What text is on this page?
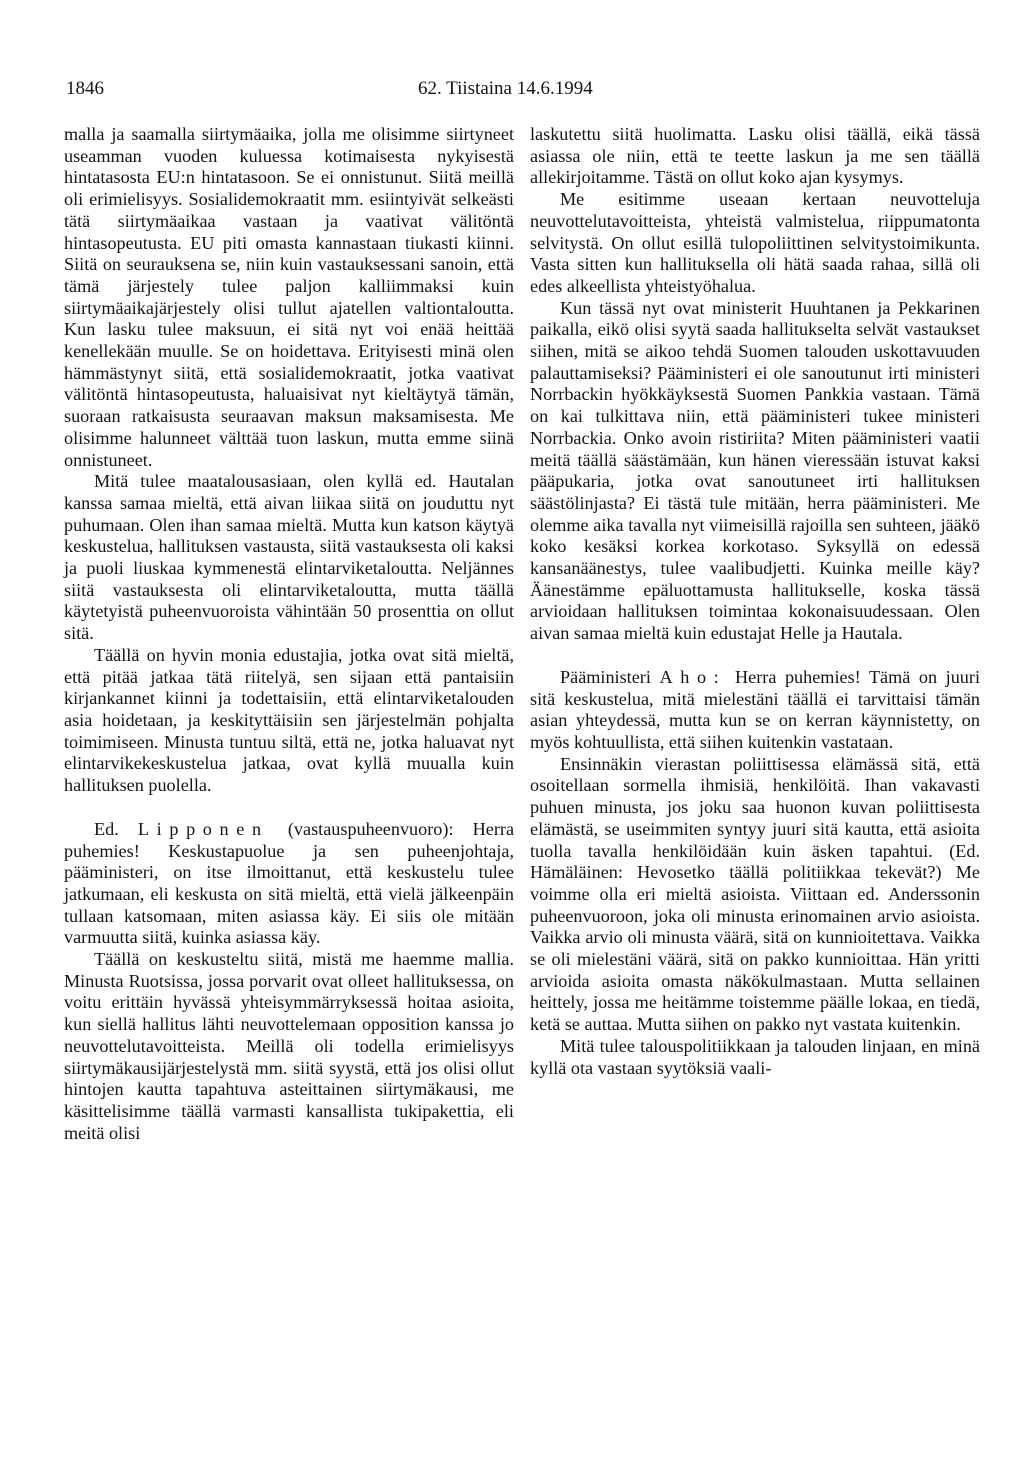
1846	62. Tiistaina 14.6.1994

malla ja saamalla siirtymäaika, jolla me olisimme siirtyneet useamman vuoden kuluessa kotimaisesta nykyisestä hintatasosta EU:n hintatasoon. Se ei onnistunut. Siitä meillä oli erimielisyys. Sosialidemokraatit mm. esiintyivät selkeästi tätä siirtymäaikaa vastaan ja vaativat välitöntä hintasopeutusta. EU piti omasta kannastaan tiukasti kiinni. Siitä on seurauksena se, niin kuin vastauksessani sanoin, että tämä järjestely tulee paljon kalliimmaksi kuin siirtymäaikajärjestely olisi tullut ajatellen valtiontaloutta. Kun lasku tulee maksuun, ei sitä nyt voi enää heittää kenellekään muulle. Se on hoidettava. Erityisesti minä olen hämmästynyt siitä, että sosialidemokraatit, jotka vaativat välitöntä hintasopeutusta, haluaisivat nyt kieltäytyä tämän, suoraan ratkaisusta seuraavan maksun maksamisesta. Me olisimme halunneet välttää tuon laskun, mutta emme siinä onnistuneet.

Mitä tulee maatalousasiaan, olen kyllä ed. Hautalan kanssa samaa mieltä, että aivan liikaa siitä on jouduttu nyt puhumaan. Olen ihan samaa mieltä. Mutta kun katson käytyä keskustelua, hallituksen vastausta, siitä vastauksesta oli kaksi ja puoli liuskaa kymmenestä elintarviketaloutta. Neljännes siitä vastauksesta oli elintarviketaloutta, mutta täällä käytetyistä puheenvuoroista vähintään 50 prosenttia on ollut sitä.

Täällä on hyvin monia edustajia, jotka ovat sitä mieltä, että pitää jatkaa tätä riitelyä, sen sijaan että pantaisiin kirjankannet kiinni ja todettaisiin, että elintarviketalouden asia hoidetaan, ja keskityttäisiin sen järjestelmän pohjalta toimimiseen. Minusta tuntuu siltä, että ne, jotka haluavat nyt elintarvikekeskustelua jatkaa, ovat kyllä muualla kuin hallituksen puolella.

Ed. Lipponen (vastauspuheenvuoro): Herra puhemies! Keskustapuolue ja sen puheenjohtaja, pääministeri, on itse ilmoittanut, että keskustelu tulee jatkumaan, eli keskusta on sitä mieltä, että vielä jälkeenpäin tullaan katsomaan, miten asiassa käy. Ei siis ole mitään varmuutta siitä, kuinka asiassa käy.

Täällä on keskusteltu siitä, mistä me haemme mallia. Minusta Ruotsissa, jossa porvarit ovat olleet hallituksessa, on voitu erittäin hyvässä yhteisymmärryksessä hoitaa asioita, kun siellä hallitus lähti neuvottelemaan opposition kanssa jo neuvottelutavoitteista. Meillä oli todella erimielisyys siirtymäkausijärjestelystä mm. siitä syystä, että jos olisi ollut hintojen kautta tapahtuva asteittainen siirtymäkausi, me käsittelisimme täällä varmasti kansallista tukipakettia, eli meitä olisi

laskutettu siitä huolimatta. Lasku olisi täällä, eikä tässä asiassa ole niin, että te teette laskun ja me sen täällä allekirjoitamme. Tästä on ollut koko ajan kysymys.

Me esitimme useaan kertaan neuvotteluja neuvottelutavoitteista, yhteistä valmistelua, riippumatonta selvitystä. On ollut esillä tulopoliittinen selvitystoimikunta. Vasta sitten kun hallituksella oli hätä saada rahaa, sillä oli edes alkeellista yhteistyöhalua.

Kun tässä nyt ovat ministerit Huuhtanen ja Pekkarinen paikalla, eikö olisi syytä saada hallitukselta selvät vastaukset siihen, mitä se aikoo tehdä Suomen talouden uskottavuuden palauttamiseksi? Pääministeri ei ole sanoutunut irti ministeri Norrbackin hyökkäyksestä Suomen Pankkia vastaan. Tämä on kai tulkittava niin, että pääministeri tukee ministeri Norrbackia. Onko avoin ristiriita? Miten pääministeri vaatii meitä täällä säästämään, kun hänen vieressään istuvat kaksi pääpukaria, jotka ovat sanoutuneet irti hallituksen säästölinjasta? Ei tästä tule mitään, herra pääministeri. Me olemme aika tavalla nyt viimeisillä rajoilla sen suhteen, jääkö koko kesäksi korkea korkotaso. Syksyllä on edessä kansanäänestys, tulee vaalibudjetti. Kuinka meille käy? Äänestämme epäluottamusta hallitukselle, koska tässä arvioidaan hallituksen toimintaa kokonaisuudessaan. Olen aivan samaa mieltä kuin edustajat Helle ja Hautala.

Pääministeri Aho: Herra puhemies! Tämä on juuri sitä keskustelua, mitä mielestäni täällä ei tarvittaisi tämän asian yhteydessä, mutta kun se on kerran käynnistetty, on myös kohtuullista, että siihen kuitenkin vastataan.

Ensinnäkin vierastan poliittisessa elämässä sitä, että osoitellaan sormella ihmisiä, henkilöitä. Ihan vakavasti puhuen minusta, jos joku saa huonon kuvan poliittisesta elämästä, se useimmiten syntyy juuri sitä kautta, että asioita tuolla tavalla henkilöidään kuin äsken tapahtui. (Ed. Hämäläinen: Hevosetko täällä politiikkaa tekevät?) Me voimme olla eri mieltä asioista. Viittaan ed. Anderssonin puheenvuoroon, joka oli minusta erinomainen arvio asioista. Vaikka arvio oli minusta väärä, sitä on kunnioitettava. Vaikka se oli mielestäni väärä, sitä on pakko kunnioittaa. Hän yritti arvioida asioita omasta näkökulmastaan. Mutta sellainen heittely, jossa me heitämme toistemme päälle lokaa, en tiedä, ketä se auttaa. Mutta siihen on pakko nyt vastata kuitenkin.

Mitä tulee talouspolitiikkaan ja talouden linjaan, en minä kyllä ota vastaan syytöksiä vaali-
